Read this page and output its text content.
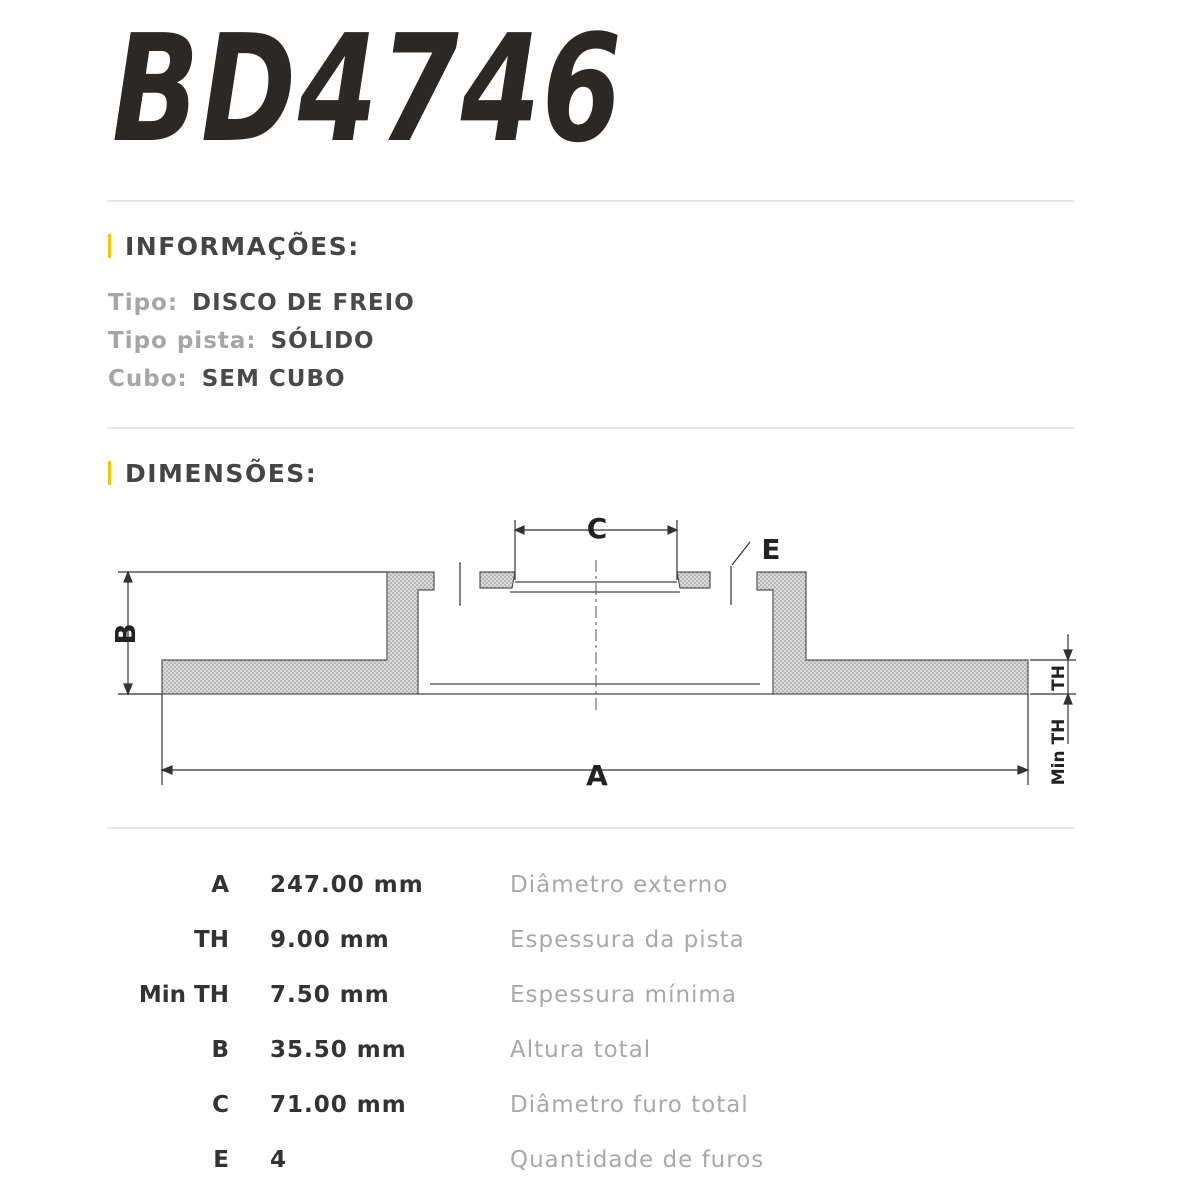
BD4746
INFORMAÇÕES:
Tipo: DISCO DE FREIO
Tipo pista: SÓLIDO
Cubo: SEM CUBO
DIMENSÕES:
C
E
A
B
TH
Min TH
A 247.00 mm	Diâmetro externo
TH 9.00 mm	Espessura da pista
Min TH 7.50 mm	Espessura mínima
B 35.50 mm	Altura total
C 71.00 mm	Diâmetro furo total
E 4	Quantidade de furos
